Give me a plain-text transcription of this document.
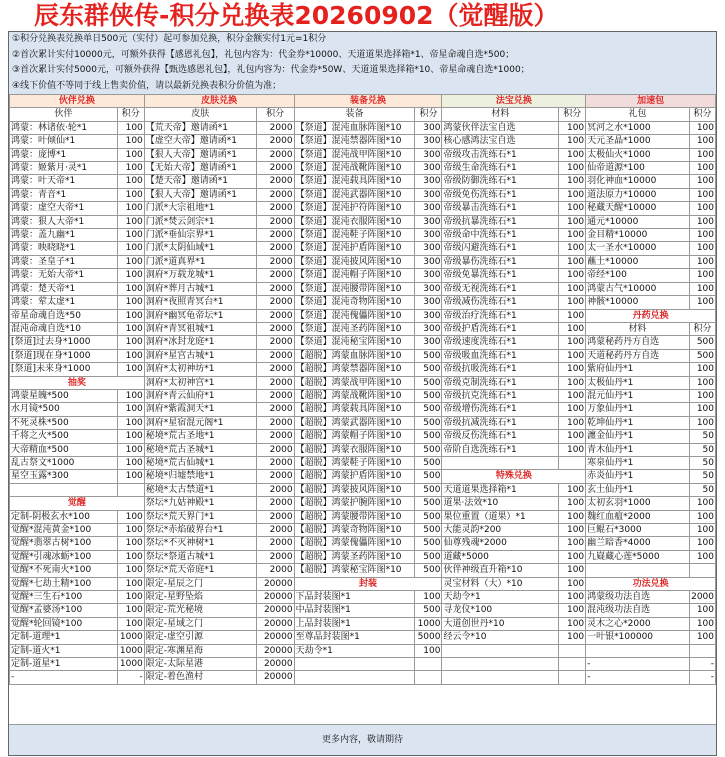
辰东群侠传-积分兑换表20260902（觉醒版）
①积分兑换表兑换单日500元（实付）起可参加兑换，积分金额实付1元=1积分
②首次累计实付10000元，可额外获得【感恩礼包】，礼包内容为：代金券*10000、天道道果选择箱*1、帝星命魂自选*500；
③首次累计实付5000元，可额外获得【甄选感恩礼包】，礼包内容为：代金券*50W、天道道果选择箱*10、帝星命魂自选*1000；
④线下价值不等同于线上售卖价值，请以最新兑换表积分价值为准；
伙伴兑换		皮肤兑换		装备兑换		法宝兑换		加速包	
伙伴	积分	皮肤	积分	装备	积分	材料	积分	礼包	积分
鸿蒙：林诸依·轮*1	100	【荒天帝】邀请函*1	2000	【祭道】混沌血脉阵图*10	300	鸿蒙伙伴法宝自选	100	冥河之水*1000	100
鸿蒙：叶倾仙*1	100	【虚空大帝】邀请函*1	2000	【祭道】混沌禁器阵图*10	300	核心感鸿法宝自选	100	天元圣晶*1000	100
鸿蒙：庞博*1	100	【狠人大帝】邀请函*1	2000	【祭道】混沌战甲阵图*10	300	帝级攻击洗练石*1	100	太极仙火*1000	100
鸿蒙：姬紫月·灵*1	100	【无始大帝】邀请函*1	2000	【祭道】混沌战靴阵图*10	300	帝级生命洗练石*1	100	仙帝道源*100	100
鸿蒙：叶天帝*1	100	【楚天帝】邀请函*1	2000	【祭道】混沌载具阵图*10	300	帝级防御洗练石*1	100	羽化神血*10000	100
鸿蒙：青音*1	100	【狠人大帝】邀请函*1	2000	【祭道】混沌武器阵图*10	300	帝级免伤洗练石*1	100	道法原力*10000	100
鸿蒙：虚空大帝*1	100	门派*大宗祖地*1	2000	【祭道】混沌护符阵图*10	300	帝级暴击洗练石*1	100	秘藏天醒*10000	100
鸿蒙：狠人大帝*1	100	门派*焚云剑宗*1	2000	【祭道】混沌衣服阵图*10	300	帝级抗暴洗练石*1	100	通元*10000	100
鸿蒙：盖九幽*1	100	门派*垂仙宗界*1	2000	【祭道】混沌鞋子阵图*10	300	帝级命中洗练石*1	100	金目精*10000	100
鸿蒙：映晓晓*1	100	门派*太阴仙域*1	2000	【祭道】混沌护盾阵图*10	300	帝级闪避洗练石*1	100	太一圣水*10000	100
鸿蒙：圣皇子*1	100	门派*道真界*1	2000	【祭道】混沌披风阵图*10	300	帝级暴伤洗练石*1	100	蘸土*10000	100
鸿蒙：无始大帝*1	100	洞府*万载龙城*1	2000	【祭道】混沌帽子阵图*10	300	帝级免暴洗练石*1	100	帝经*100	100
鸿蒙：楚天帝*1	100	洞府*葬月古城*1	2000	【祭道】混沌腰带阵图*10	300	帝级无视洗练石*1	100	鸿蒙古气*10000	100
鸿蒙：荤太虚*1	100	洞府*夜照青冥台*1	2000	【祭道】混沌奇物阵图*10	300	帝级减伤洗练石*1	100	神骸*10000	100
帝星命魂自选*50	100	洞府*幽冥龟帝坛*1	2000	【祭道】混沌傀儡阵图*10	300	帝级治疗洗练石*1	100	丹药兑换	
混沌命魂自选*10	100	洞府*青冥祖城*1	2000	【祭道】混沌圣药阵图*10	300	帝级护盾洗练石*1	100	材料	积分
[祭道]过去身*1000	100	洞府*冰封龙庭*1	2000	【祭道】混沌秘宝阵图*10	300	帝级速度洗练石*1	100	鸿蒙秘药丹方自选	500
[祭道]现在身*1000	100	洞府*星宫古城*1	2000	【超脱】鸿蒙血脉阵图*10	500	帝级吸血洗练石*1	100	天道秘药丹方自选	500
[祭道]未来身*1000	100	洞府*太初神坊*1	2000	【超脱】鸿蒙禁器阵图*10	500	帝级抗吸洗练石*1	100	紫府仙丹*1	100
抽奖		洞府*太初神宫*1	2000	【超脱】鸿蒙战甲阵图*10	500	帝级克制洗练石*1	100	太极仙丹*1	100
鸿蒙星魄*500	100	洞府*青云仙府*1	2000	【超脱】鸿蒙战靴阵图*10	500	帝级抗克洗练石*1	100	混元仙丹*1	100
水月镜*500	100	洞府*紫霞洞天*1	2000	【超脱】鸿蒙载具阵图*10	500	帝级增伤洗练石*1	100	万象仙丹*1	100
不死灵株*500	100	洞府*星宿混元阁*1	2000	【超脱】鸿蒙武器阵图*10	500	帝级抗减洗练石*1	100	乾坤仙丹*1	100
千将之火*500	100	秘境*荒古圣地*1	2000	【超脱】鸿蒙帽子阵图*10	500	帝级反伤洗练石*1	100	瀍金仙丹*1	50
大帝精血*500	100	秘境*荒古圣城*1	2000	【超脱】鸿蒙衣服阵图*10	500	帝阶自选洗练石*1	100	青木仙丹*1	50
乱古祭文*1000	100	秘境*荒古仙城*1	2000	【超脱】鸿蒙鞋子阵图*10	500			寒泉仙丹*1	50
星空玉露*300	100	秘境*归墟禁地*1	2000	【超脱】鸿蒙护盾阵图*10	500	特殊兑换		赤炎仙丹*1	50
		秘境*太古禁道*1	2000	【超脱】鸿蒙披风阵图*10	500	天道道果选择箱*1	100	玄土仙丹*1	50
觉醒		祭坛*九姑神殿*1	2000	【超脱】鸿蒙护腕阵图*10	500	道果·法效*10	100	太初玄羽*1000	100
定制-阴极玄水*100	100	祭坛*荒天界门*1	2000	【超脱】鸿蒙腰带阵图*10	500	果位重置（道果）*1	100	魏红血瘟*2000	100
觉醒*混沌黄金*100	100	祭坛*赤焰破界台*1	2000	【超脱】鸿蒙奇物阵图*10	500	大能灵韵*200	100	巨鲲石*3000	100
觉醒*翡翠古树*100	100	祭坛*不灭神树*1	2000	【超脱】鸿蒙傀儡阵图*10	500	仙尊残魂*2000	100	幽兰暗香*4000	100
觉醒*引魂冰蛎*100	100	祭坛*祭道古城*1	2000	【超脱】鸿蒙圣药阵图*10	500	道藏*5000	100	九嶷藏心莲*5000	100
觉醒*不死南火*100	100	祭坛*荒天帝庭*1	2000	【超脱】鸿蒙秘宝阵图*10	500	伙伴神级直升箱*10	100		
觉醒*七劫土精*100	100	限定-星辰之门	20000	封装		灵宝材料（大）*10	100	功法兑换	
觉醒*三生石*100	100	限定-星野坠焰	20000	下品封装图*1	100	天劫令*1	100	鸿蒙级功法自选	2000
觉醒*孟婆汤*100	100	限定-荒光秘境	20000	中品封装图*1	500	寻龙仪*100	100	混沌级功法自选	100
觉醒*轮回镜*100	100	限定-星域之门	20000	上品封装图*1	1000	大道创世丹*10	100	灵木之心*2000	100
定制-道理*1	1000	限定-虚空引源	20000	至尊品封装图*1	5000	经云令*10	100	一叶银*100000	100
定制-道火*1	1000	限定-寒渊星海	20000	天劫令*1	100				
定制-道星*1	1000	限定-太际星港	20000					-	-
-	-	限定-着色渔村	20000					-	-
更多内容，敬请期待
